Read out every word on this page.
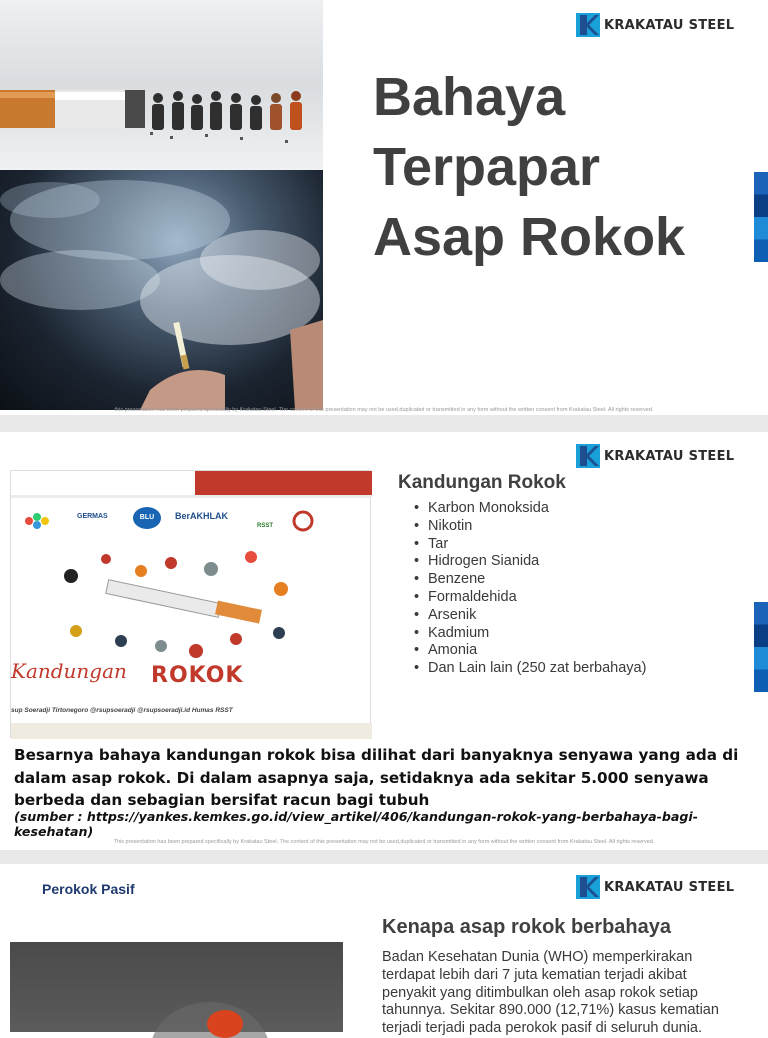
KRAKATAU STEEL
Bahaya
Terpapar
Asap Rokok
this presentation has been prepared specifically by Krakatau Steel. The content of this presentation may not be used,duplicated or transmitted in any form without the written consent from Krakatau Steel. All rights reserved.
KRAKATAU STEEL
GERMAS	BLU	BerAKHLAK
RSST
Kandungan ROKOK
sup Soeradji Tirtonegoro @rsupsoeradji @rsupsoeradji.id Humas RSST
Kandungan Rokok
• Karbon Monoksida
• Nikotin
• Tar
• Hidrogen Sianida
• Benzene
• Formaldehida
• Arsenik
• Kadmium
• Amonia
• Dan Lain lain (250 zat berbahaya)
Besarnya bahaya kandungan rokok bisa dilihat dari banyaknya senyawa yang ada di dalam asap rokok. Di dalam asapnya saja, setidaknya ada sekitar 5.000 senyawa berbeda dan sebagian bersifat racun bagi tubuh
(sumber : https://yankes.kemkes.go.id/view_artikel/406/kandungan-rokok-yang-berbahaya-bagi-kesehatan)
This presentation has been prepared specifically by Krakatau Steel. The content of this presentation may not be used,duplicated or transmitted in any form without the written consent from Krakatau Steel. All rights reserved.
Perokok Pasif	KRAKATAU STEEL
Kenapa asap rokok berbahaya
Badan Kesehatan Dunia (WHO) memperkirakan terdapat lebih dari 7 juta kematian terjadi akibat penyakit yang ditimbulkan oleh asap rokok setiap tahunnya. Sekitar 890.000 (12,71%) kasus kematian terjadi terjadi pada perokok pasif di seluruh dunia.
